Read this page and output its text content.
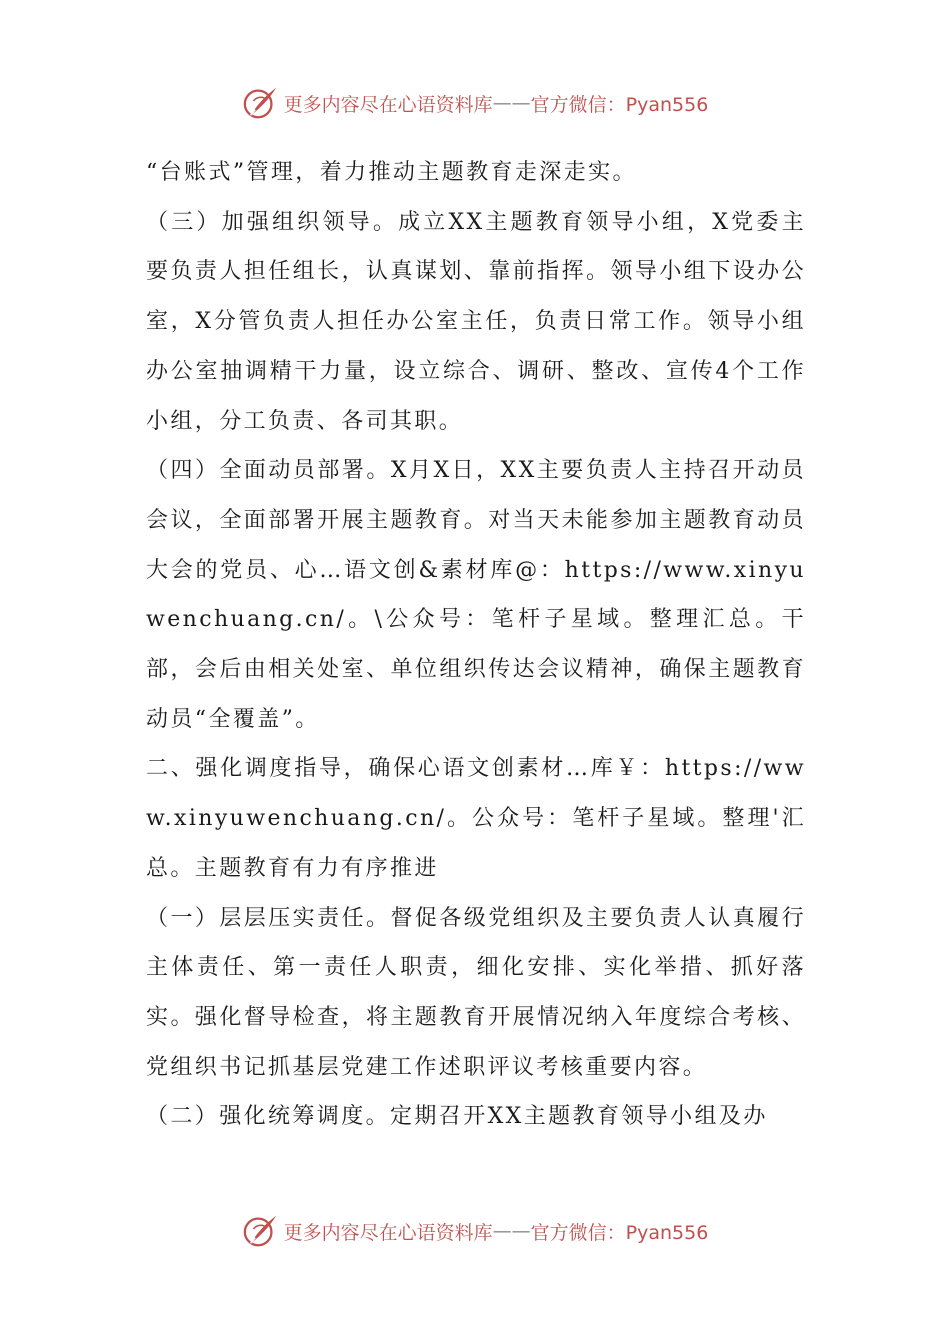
更多内容尽在心语资料库 —— 官方微信：Pyan556

“台账式”管理，着力推动主题教育走深走实。

（三）加强组织领导。成立XX主题教育领导小组，X党委主要负责人担任组长，认真谋划、靠前指挥。领导小组下设办公室，X分管负责人担任办公室主任，负责日常工作。领导小组办公室抽调精干力量，设立综合、调研、整改、宣传4个工作小组，分工负责、各司其职。

（四）全面动员部署。X月X日，XX主要负责人主持召开动员会议，全面部署开展主题教育。对当天未能参加主题教育动员大会的党员、心…语文创&素材库@：https://www.xinyuwenchuang.cn/。\公众号：笔杆子星域。整理汇总。干部，会后由相关处室、单位组织传达会议精神，确保主题教育动员“全覆盖”。

二、强化调度指导，确保心语文创素材…库￥：https://www.xinyuwenchuang.cn/。公众号：笔杆子星域。整理'汇总。主题教育有力有序推进

（一）层层压实责任。督促各级党组织及主要负责人认真履行主体责任、第一责任人职责，细化安排、实化举措、抓好落实。强化督导检查，将主题教育开展情况纳入年度综合考核、党组织书记抓基层党建工作述职评议考核重要内容。

（二）强化统筹调度。定期召开XX主题教育领导小组及办

更多内容尽在心语资料库 —— 官方微信：Pyan556
